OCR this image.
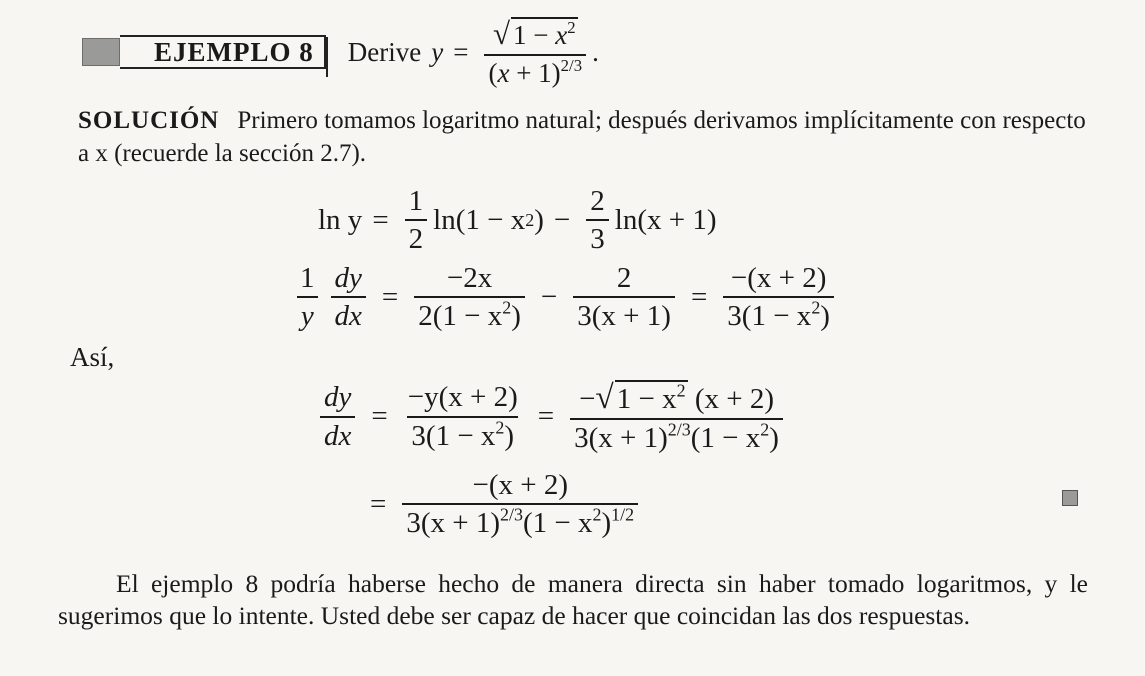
EJEMPLO 8	Derive $y = \frac{√ 1 - x^2}{(x + 1)^{2/3}}$ .
SOLUCIÓN Primero tomamos logaritmo natural; después derivamos implícitamente con respecto a x (recuerde la sección 2.7).
$\ln y = \frac{1}{2} \ln(1 - x$ 2 ) − $\frac{2}{3} \ln(x + 1)$
$\frac{1}{y} \frac{dy}{dx} = \frac{-2x}{2(1 - x^2)} - \frac{2}{3(x + 1)} = \frac{-(x + 2)}{3(1 - x^2)}$
Así,
$\frac{dy}{dx} = \frac{-y(x + 2)}{3(1 - x^2)} = \frac{-√ 1 - x^2 (x + 2)}{3(x + 1)^{2/3}(1 - x^2)}$
= $\frac{-(x + 2)}{3(x + 1)^{2/3}(1 - x^2)^{1/2}}$
El ejemplo 8 podría haberse hecho de manera directa sin haber tomado logaritmos, y le sugerimos que lo intente. Usted debe ser capaz de hacer que coincidan las dos respuestas.
